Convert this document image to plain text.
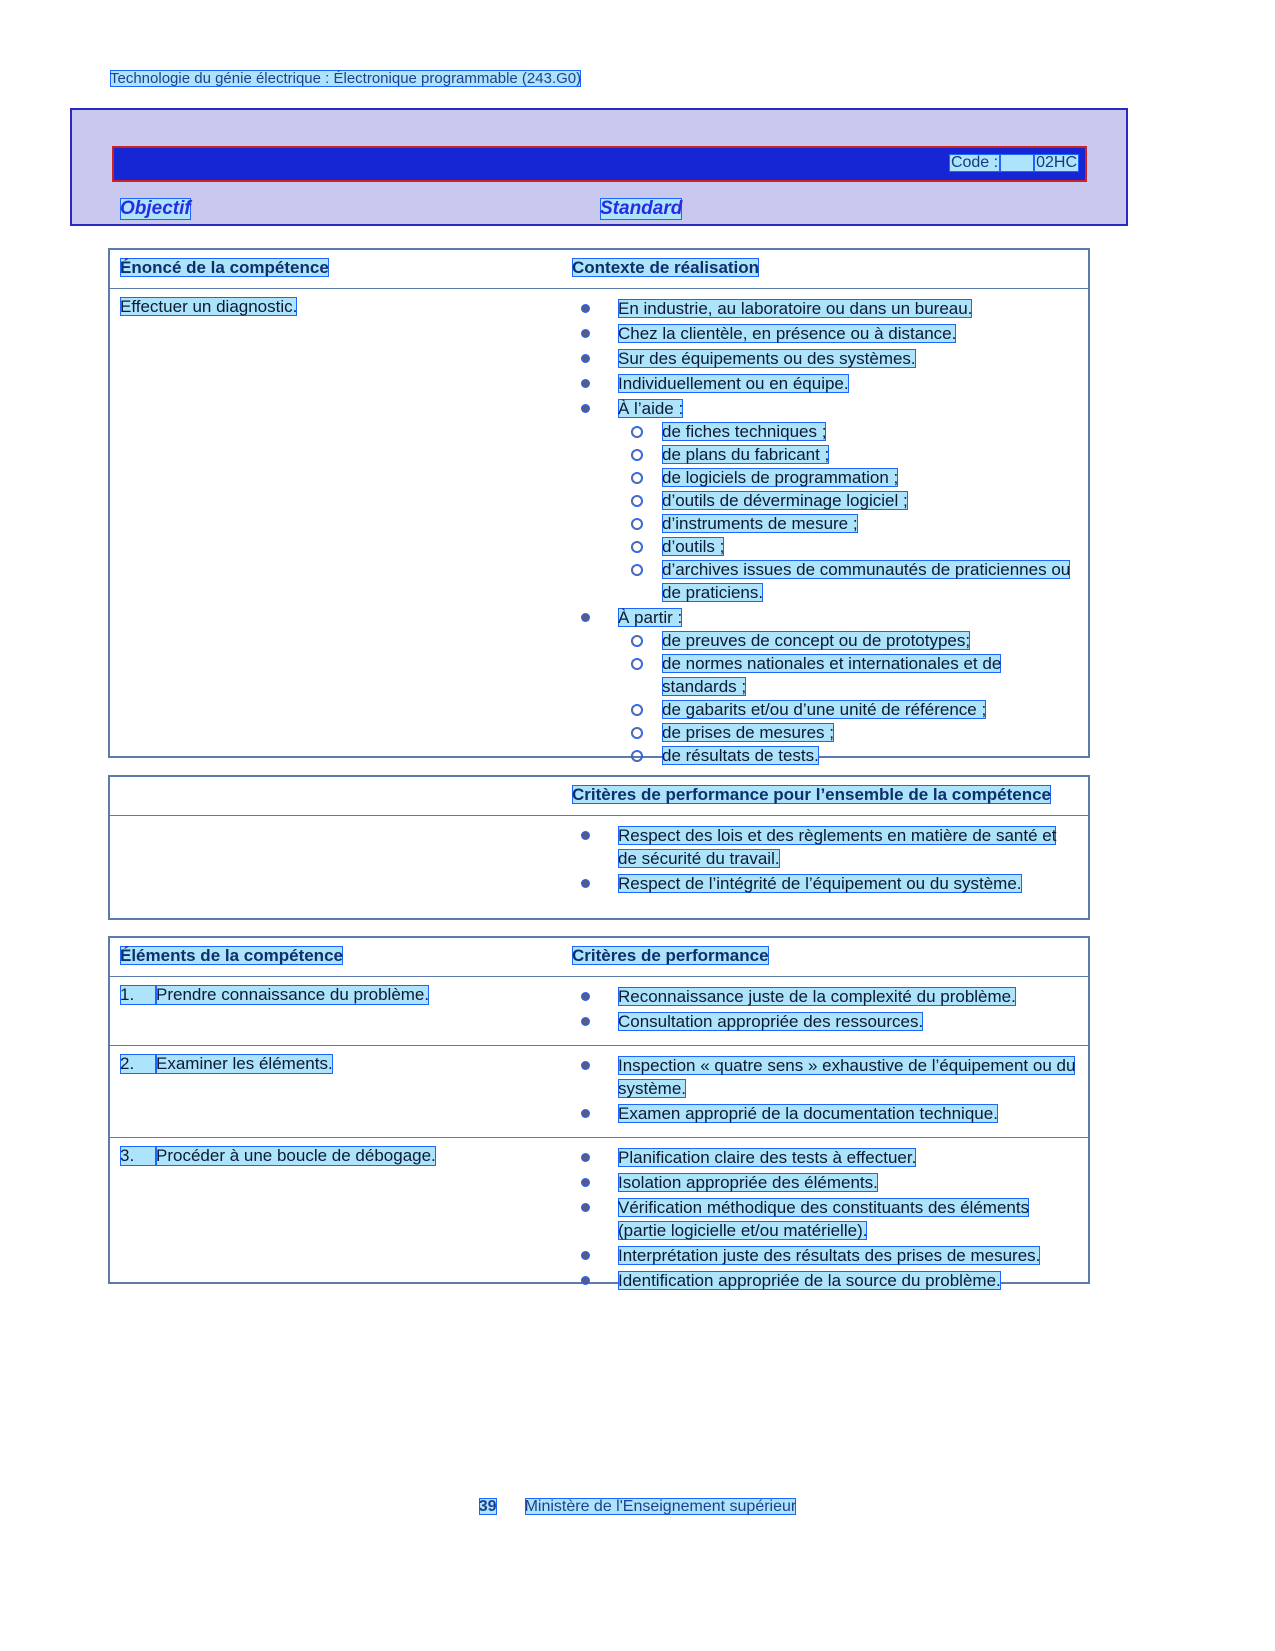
Technologie du génie électrique : Électronique programmable (243.G0)
Code : 02HC
Objectif	Standard
Énoncé de la compétence	Contexte de réalisation
Effectuer un diagnostic.	En industrie, au laboratoire ou dans un bureau.
Chez la clientèle, en présence ou à distance.
Sur des équipements ou des systèmes.
Individuellement ou en équipe.
À l’aide :
de fiches techniques ;
de plans du fabricant ;
de logiciels de programmation ;
d’outils de déverminage logiciel ;
d’instruments de mesure ;
d’outils ;
d’archives issues de communautés de praticiennes ou de praticiens.
À partir :
de preuves de concept ou de prototypes;
de normes nationales et internationales et de standards ;
de gabarits et/ou d’une unité de référence ;
de prises de mesures ;
de résultats de tests.
Critères de performance pour l’ensemble de la compétence
Respect des lois et des règlements en matière de santé et de sécurité du travail.
Respect de l’intégrité de l’équipement ou du système.
Éléments de la compétence	Critères de performance
1.	Prendre connaissance du problème.	Reconnaissance juste de la complexité du problème.
Consultation appropriée des ressources.
2.	Examiner les éléments.	Inspection « quatre sens » exhaustive de l’équipement ou du système.
Examen approprié de la documentation technique.
3.	Procéder à une boucle de débogage.	Planification claire des tests à effectuer.
Isolation appropriée des éléments.
Vérification méthodique des constituants des éléments (partie logicielle et/ou matérielle).
Interprétation juste des résultats des prises de mesures.
Identification appropriée de la source du problème.
39 Ministère de l'Enseignement supérieur
